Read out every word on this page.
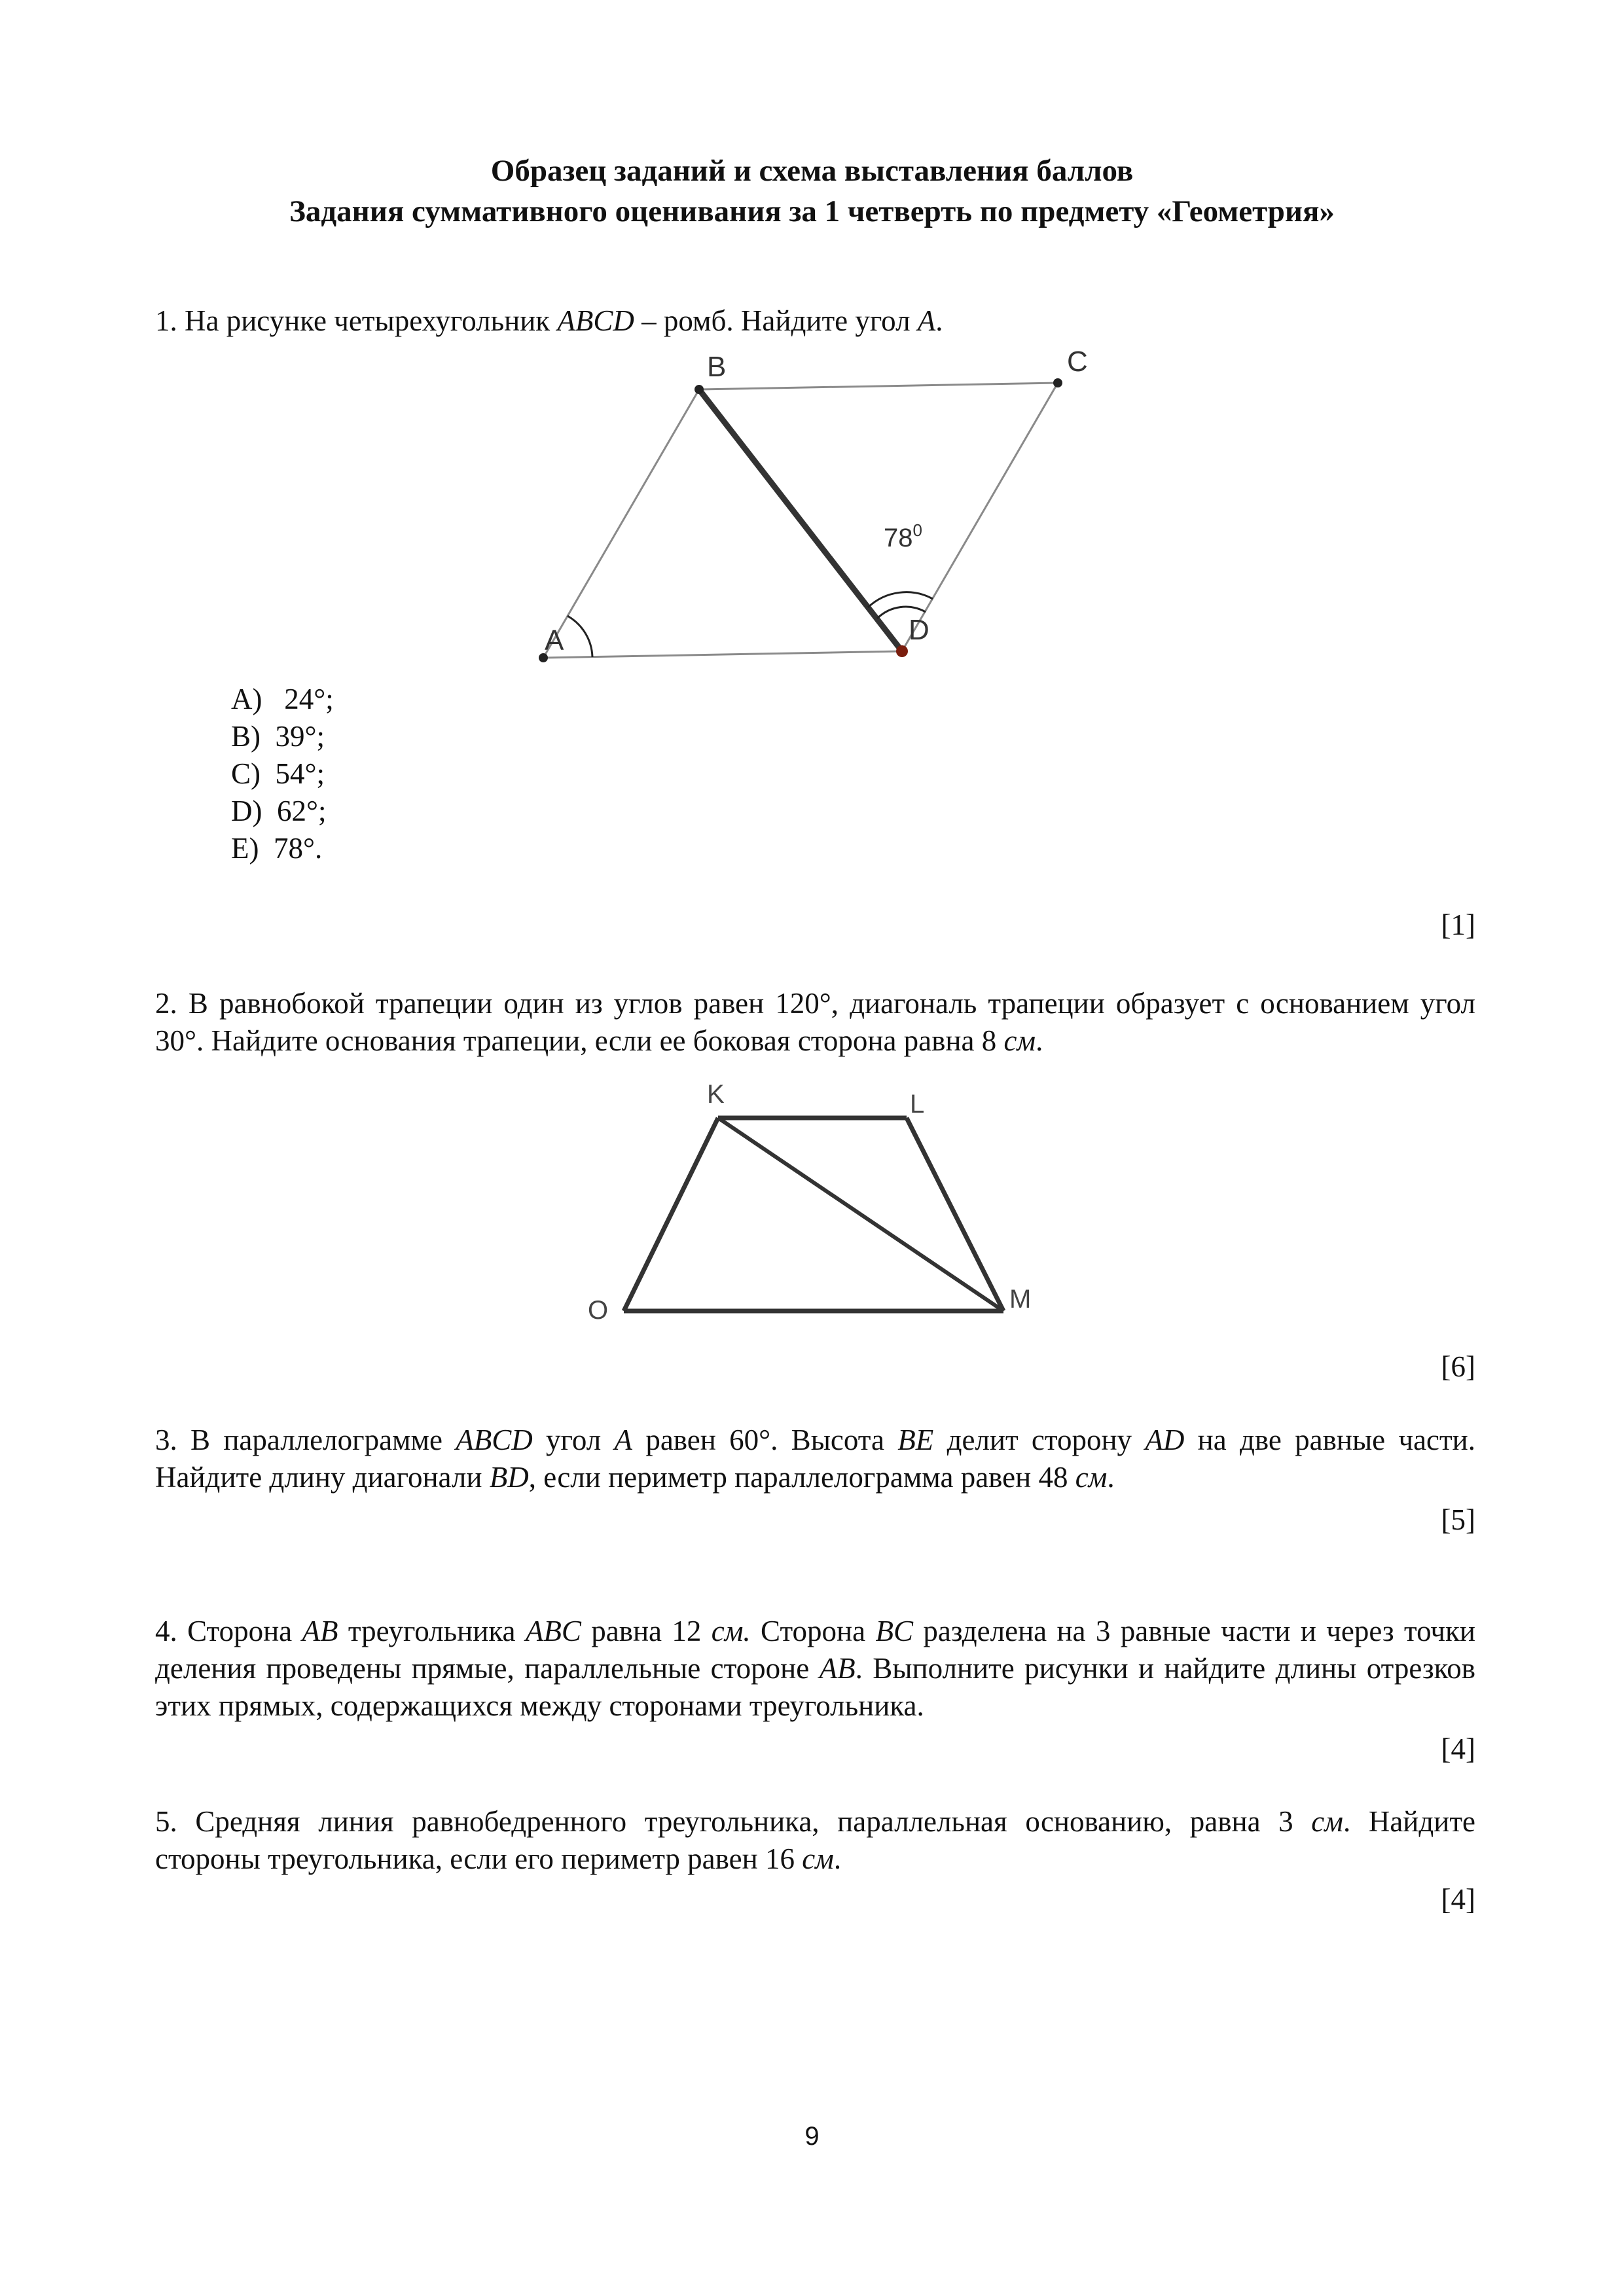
Образец заданий и схема выставления баллов
Задания суммативного оценивания за 1 четверть по предмету «Геометрия»
1. На рисунке четырехугольник ABCD – ромб. Найдите угол A.
A
B	C
D
$78^0$
A)   24°;
B)  39°;
C)  54°;
D)  62°;
E)  78°.
[1]
2. В равнобокой трапеции один из углов равен 120°, диагональ трапеции образует с основанием угол 30°. Найдите основания трапеции, если ее боковая сторона равна 8 см.
K	L
O	M
[6]
3. В параллелограмме ABCD угол A равен 60°. Высота BE делит сторону AD на две равные части. Найдите длину диагонали BD, если периметр параллелограмма равен 48 см.
[5]
4. Сторона AB треугольника ABC равна 12 см. Сторона BC разделена на 3 равные части и через точки деления проведены прямые, параллельные стороне AB. Выполните рисунки и найдите длины отрезков этих прямых, содержащихся между сторонами треугольника.
[4]
5. Средняя линия равнобедренного треугольника, параллельная основанию, равна 3 см. Найдите стороны треугольника, если его периметр равен 16 см.
[4]
9
